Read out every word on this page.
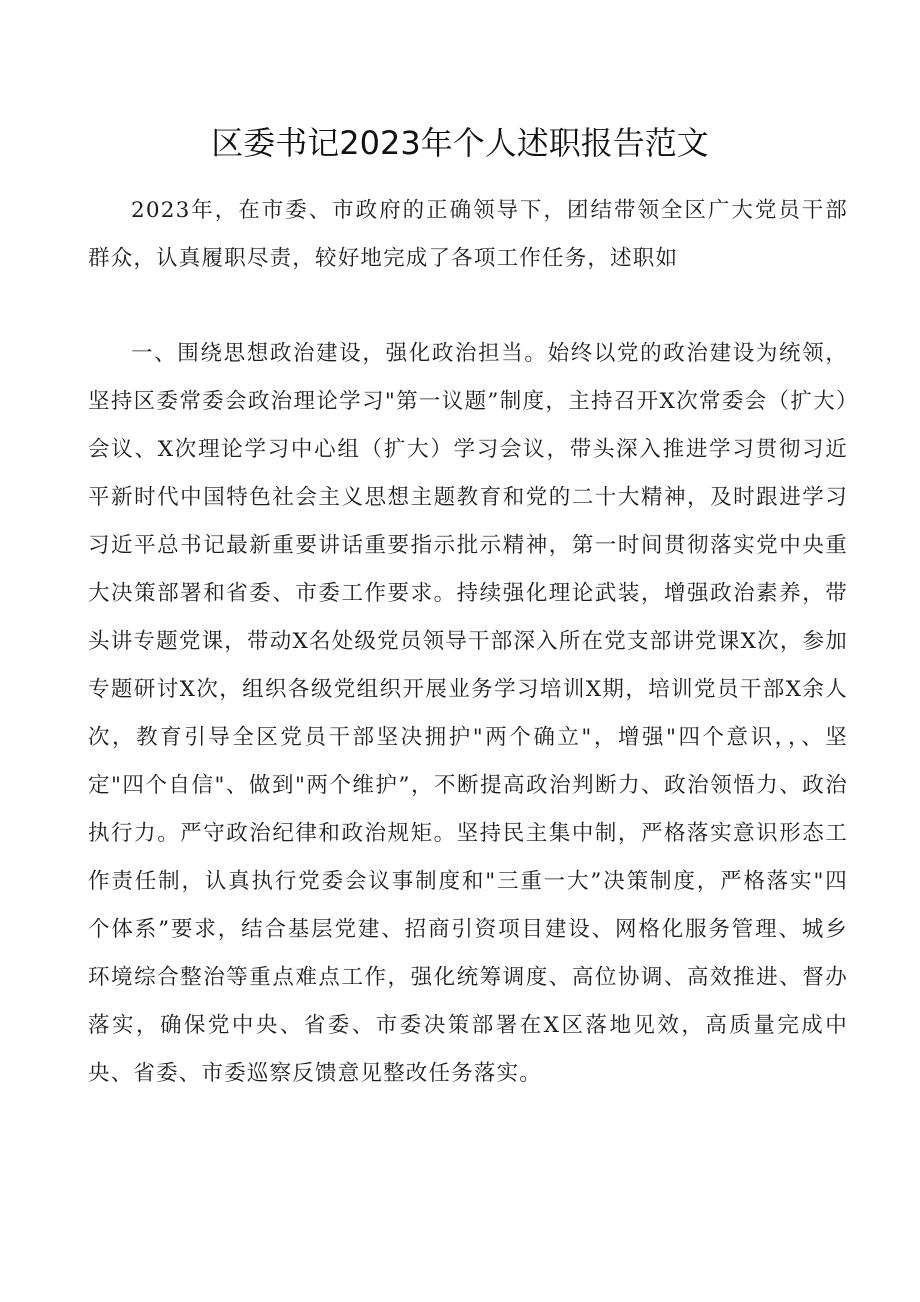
区委书记2023年个人述职报告范文

2023年，在市委、市政府的正确领导下，团结带领全区广大党员干部群众，认真履职尽责，较好地完成了各项工作任务，述职如

一、围绕思想政治建设，强化政治担当。始终以党的政治建设为统领，坚持区委常委会政治理论学习"第一议题”制度，主持召开X次常委会（扩大）会议、X次理论学习中心组（扩大）学习会议，带头深入推进学习贯彻习近平新时代中国特色社会主义思想主题教育和党的二十大精神，及时跟进学习习近平总书记最新重要讲话重要指示批示精神，第一时间贯彻落实党中央重大决策部署和省委、市委工作要求。持续强化理论武装，增强政治素养，带头讲专题党课，带动X名处级党员领导干部深入所在党支部讲党课X次，参加专题研讨X次，组织各级党组织开展业务学习培训X期，培训党员干部X余人次，教育引导全区党员干部坚决拥护"两个确立"，增强"四个意识，，、坚定"四个自信"、做到"两个维护”，不断提高政治判断力、政治领悟力、政治执行力。严守政治纪律和政治规矩。坚持民主集中制，严格落实意识形态工作责任制，认真执行党委会议事制度和"三重一大”决策制度，严格落实"四个体系”要求，结合基层党建、招商引资项目建设、网格化服务管理、城乡环境综合整治等重点难点工作，强化统筹调度、高位协调、高效推进、督办落实，确保党中央、省委、市委决策部署在X区落地见效，高质量完成中央、省委、市委巡察反馈意见整改任务落实。
